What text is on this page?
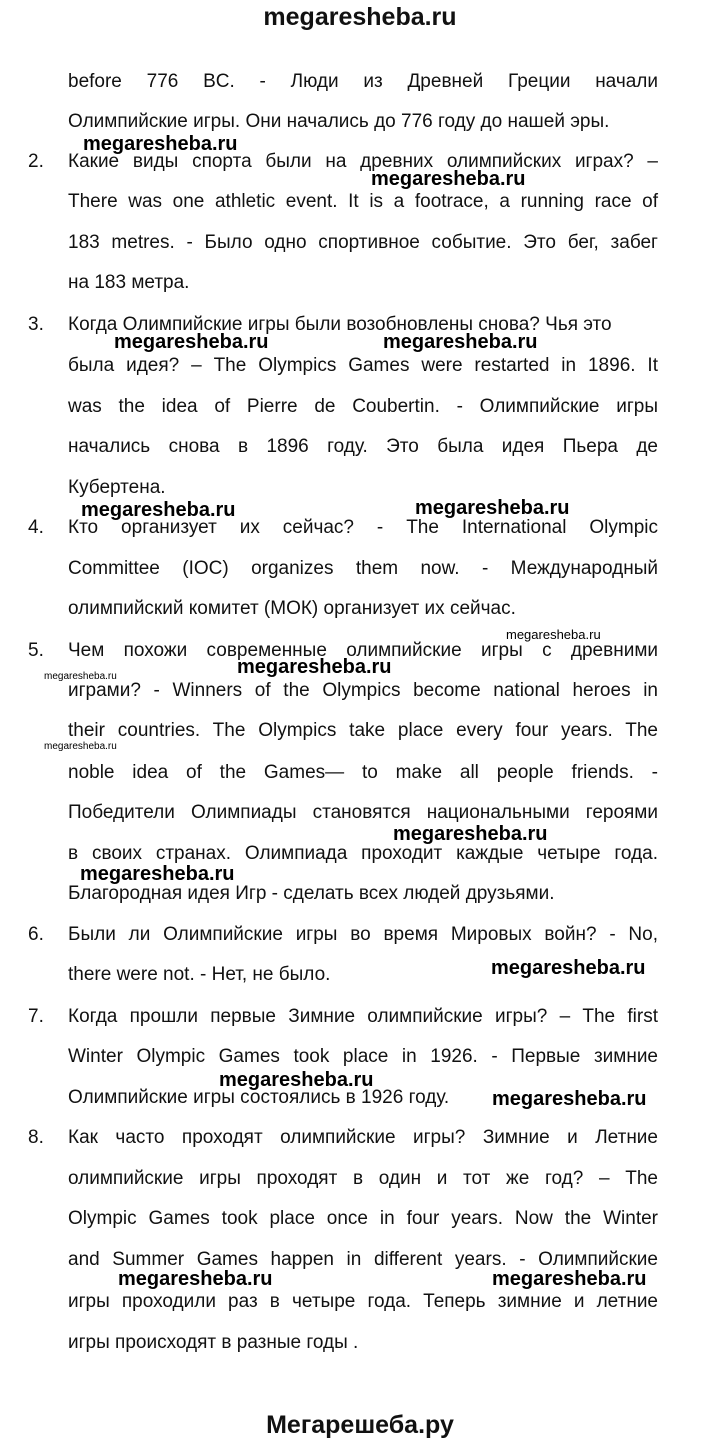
megaresheba.ru
before 776 BC. - Люди из Древней Греции начали
Олимпийские игры. Они начались до 776 году до нашей эры.
2. Какие виды спорта были на древних олимпийских играх? –
There was one athletic event. It is a footrace, a running race of
183 metres. - Было одно спортивное событие. Это бег, забег
на 183 метра.
3. Когда Олимпийские игры были возобновлены снова? Чья это
была идея? – The Olympics Games were restarted in 1896. It
was the idea of Pierre de Coubertin. - Олимпийские игры
начались снова в 1896 году. Это была идея Пьера де
Кубертена.
4. Кто организует их сейчас? - The International Olympic
Committee (IOC) organizes them now. - Международный
олимпийский комитет (МОК) организует их сейчас.
5. Чем похожи современные олимпийские игры с древними
играми? - Winners of the Olympics become national heroes in
their countries. The Olympics take place every four years. The
noble idea of the Games— to make all people friends. -
Победители Олимпиады становятся национальными героями
в своих странах. Олимпиада проходит каждые четыре года.
Благородная идея Игр - сделать всех людей друзьями.
6. Были ли Олимпийские игры во время Мировых войн? - No,
there were not. - Нет, не было.
7. Когда прошли первые Зимние олимпийские игры? – The first
Winter Olympic Games took place in 1926. - Первые зимние
Олимпийские игры состоялись в 1926 году.
8. Как часто проходят олимпийские игры? Зимние и Летние
олимпийские игры проходят в один и тот же год? – The
Olympic Games took place once in four years. Now the Winter
and Summer Games happen in different years. - Олимпийские
игры проходили раз в четыре года. Теперь зимние и летние
игры происходят в разные годы .
megaresheba.ru
megaresheba.ru
megaresheba.ru	megaresheba.ru
megaresheba.ru	megaresheba.ru
megaresheba.ru
megaresheba.ru
megaresheba.ru
megaresheba.ru
megaresheba.ru
megaresheba.ru
megaresheba.ru
megaresheba.ru
megaresheba.ru
megaresheba.ru	megaresheba.ru
Мегарешеба.ру
